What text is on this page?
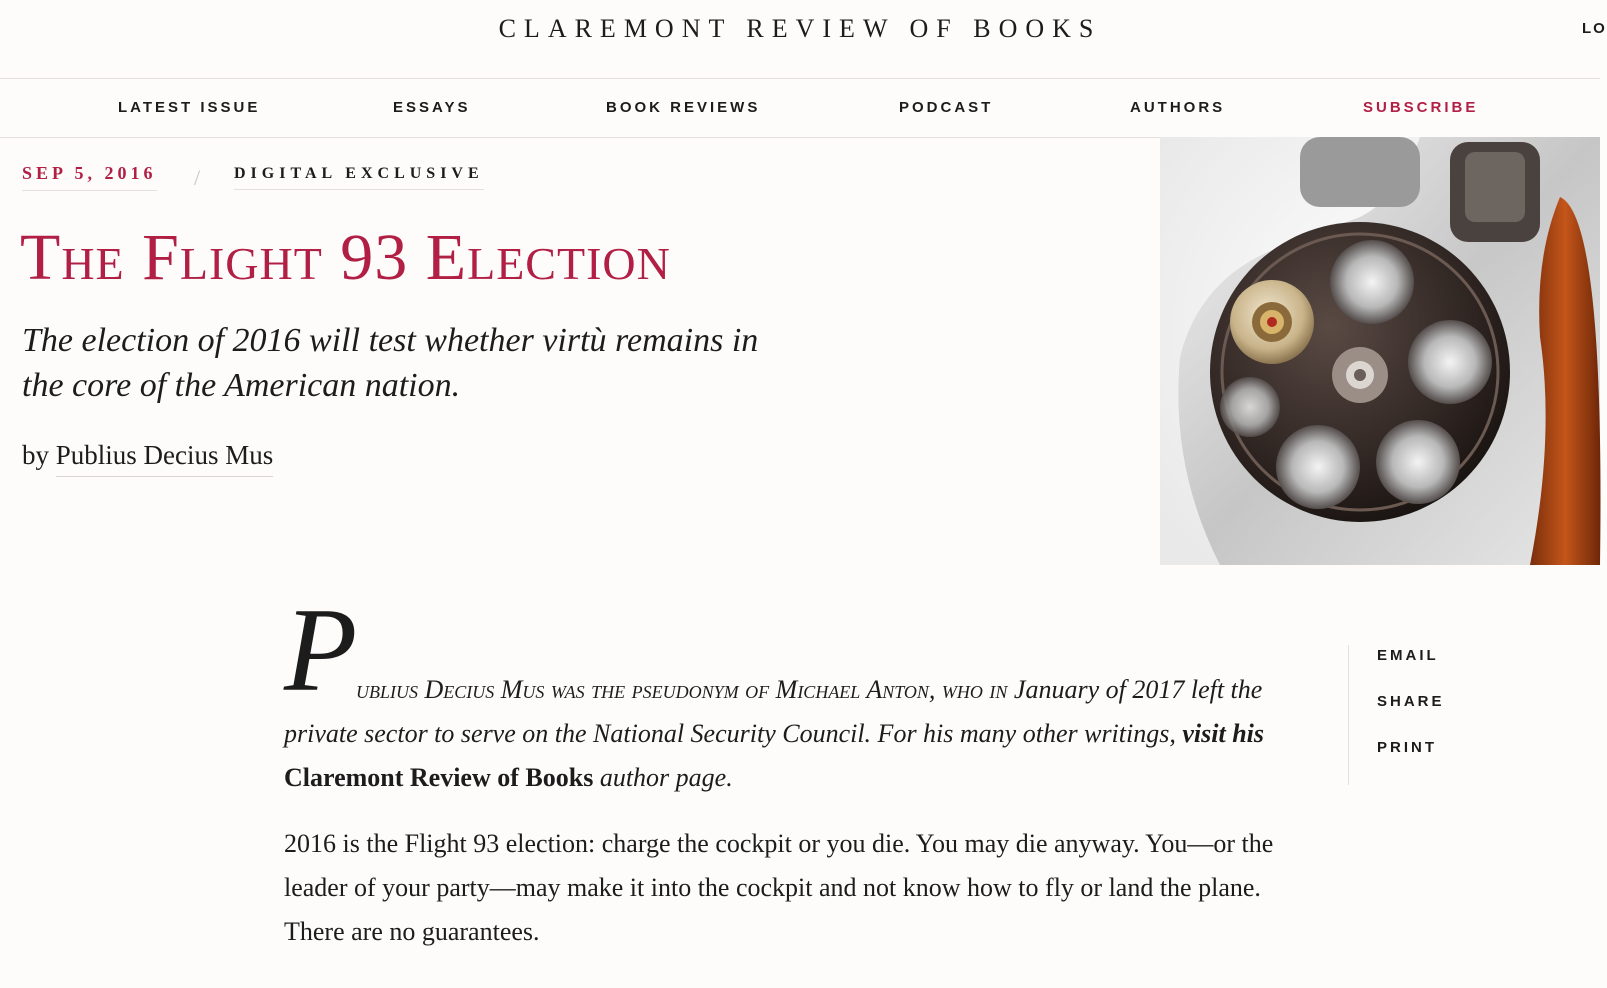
CLAREMONT REVIEW OF BOOKS	LO
LATEST ISSUE	ESSAYS	BOOK REVIEWS	PODCAST	AUTHORS	SUBSCRIBE
SEP 5, 2016 / DIGITAL EXCLUSIVE
The Flight 93 Election

The election of 2016 will test whether virtù remains in the core of the American nation.

by Publius Decius Mus
P

ublius Decius Mus was the pseudonym of Michael Anton, who in January of 2017 left the private sector to serve on the National Security Council. For his many other writings, visit his Claremont Review of Books author page.

2016 is the Flight 93 election: charge the cockpit or you die. You may die anyway. You—or the leader of your party—may make it into the cockpit and not know how to fly or land the plane. There are no guarantees.

EMAIL
SHARE
PRINT
